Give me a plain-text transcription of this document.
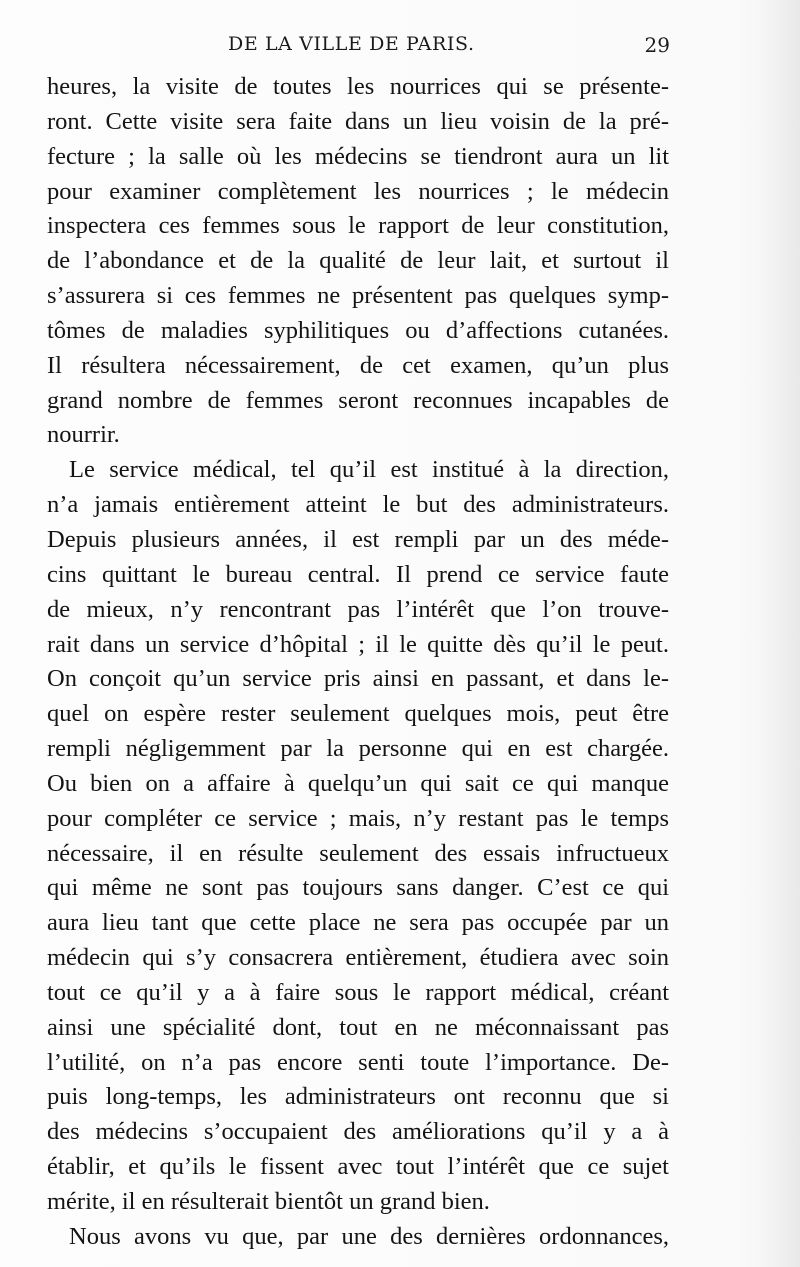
DE LA VILLE DE PARIS.	29
heures, la visite de toutes les nourrices qui se présente-
ront. Cette visite sera faite dans un lieu voisin de la pré-
fecture ; la salle où les médecins se tiendront aura un lit
pour examiner complètement les nourrices ; le médecin
inspectera ces femmes sous le rapport de leur constitution,
de l’abondance et de la qualité de leur lait, et surtout il
s’assurera si ces femmes ne présentent pas quelques symp-
tômes de maladies syphilitiques ou d’affections cutanées.
Il résultera nécessairement, de cet examen, qu’un plus
grand nombre de femmes seront reconnues incapables de
nourrir.
Le service médical, tel qu’il est institué à la direction,
n’a jamais entièrement atteint le but des administrateurs.
Depuis plusieurs années, il est rempli par un des méde-
cins quittant le bureau central. Il prend ce service faute
de mieux, n’y rencontrant pas l’intérêt que l’on trouve-
rait dans un service d’hôpital ; il le quitte dès qu’il le peut.
On conçoit qu’un service pris ainsi en passant, et dans le-
quel on espère rester seulement quelques mois, peut être
rempli négligemment par la personne qui en est chargée.
Ou bien on a affaire à quelqu’un qui sait ce qui manque
pour compléter ce service ; mais, n’y restant pas le temps
nécessaire, il en résulte seulement des essais infructueux
qui même ne sont pas toujours sans danger. C’est ce qui
aura lieu tant que cette place ne sera pas occupée par un
médecin qui s’y consacrera entièrement, étudiera avec soin
tout ce qu’il y a à faire sous le rapport médical, créant
ainsi une spécialité dont, tout en ne méconnaissant pas
l’utilité, on n’a pas encore senti toute l’importance. De-
puis long-temps, les administrateurs ont reconnu que si
des médecins s’occupaient des améliorations qu’il y a à
établir, et qu’ils le fissent avec tout l’intérêt que ce sujet
mérite, il en résulterait bientôt un grand bien.
Nous avons vu que, par une des dernières ordonnances,
